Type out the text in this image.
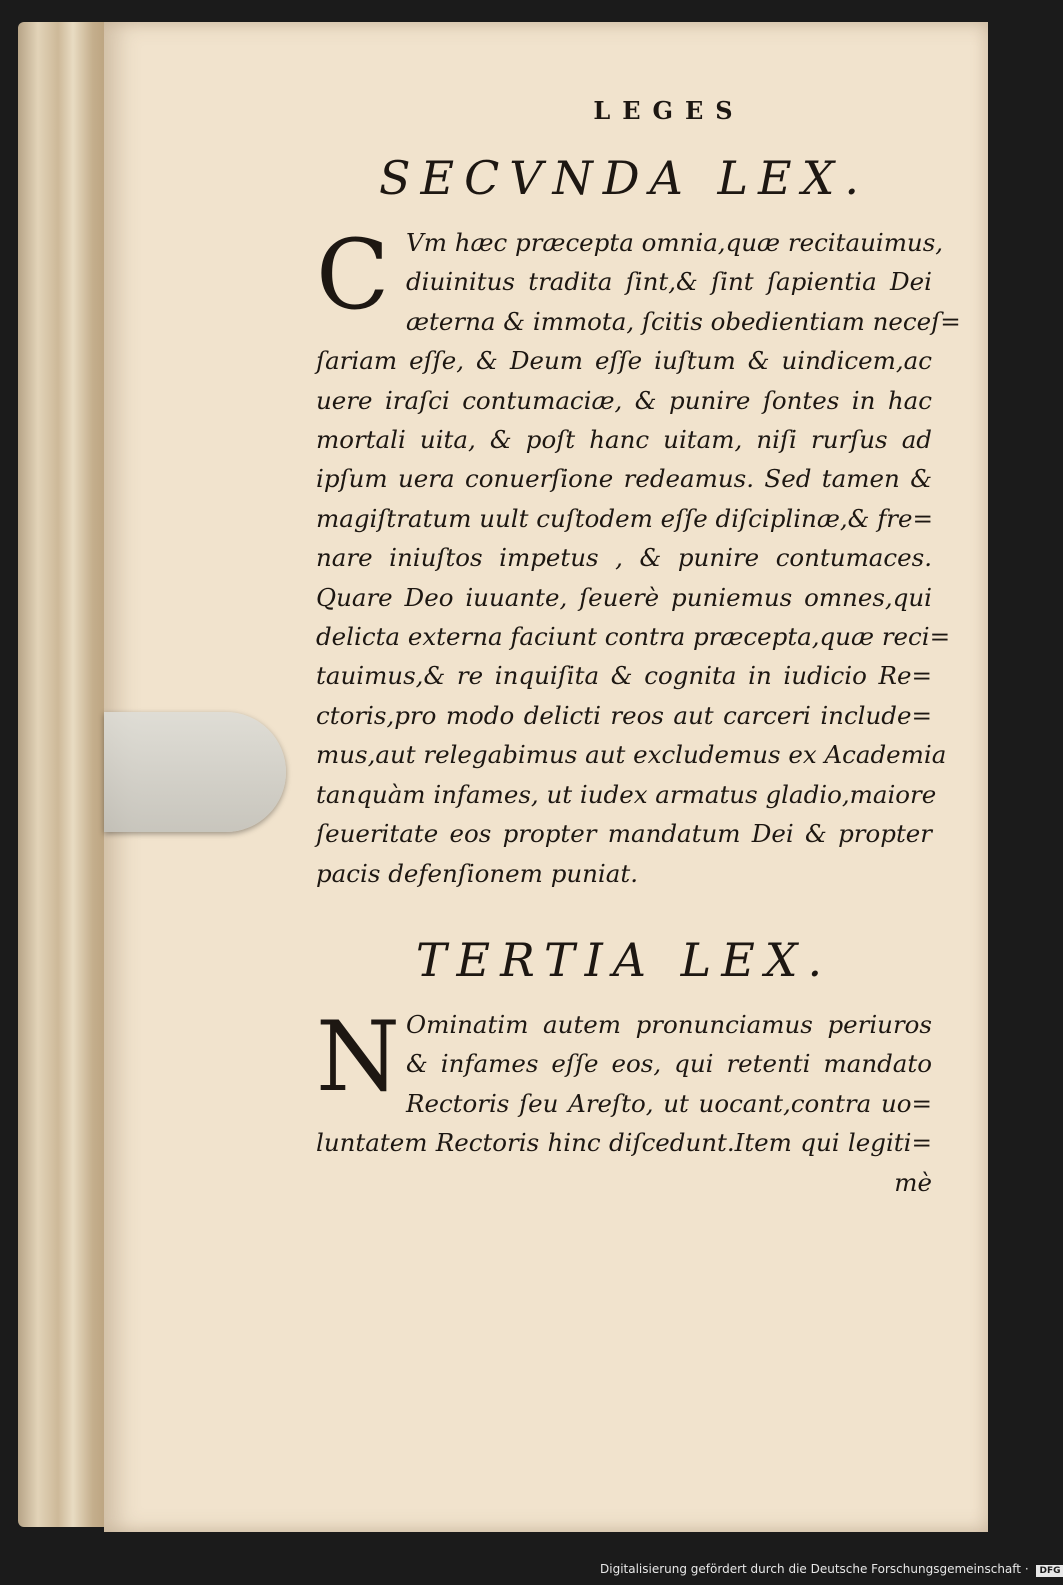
LEGES
SECVNDA LEX.
C Vm hæc præcepta omnia,quæ recitauimus,
diuinitus tradita ſint,& ſint ſapientia Dei
æterna & immota, ſcitis obedientiam neceſ=
ſariam eſſe, & Deum eſſe iuſtum & uindicem,ac
uere iraſci contumaciæ, & punire ſontes in hac
mortali uita, & poſt hanc uitam, niſi rurſus ad
ipſum uera conuerſione redeamus. Sed tamen &
magiſtratum uult cuſtodem eſſe diſciplinæ,& fre=
nare iniuſtos impetus , & punire contumaces.
Quare Deo iuuante, ſeuerè puniemus omnes,qui
delicta externa faciunt contra præcepta,quæ reci=
tauimus,& re inquiſita & cognita in iudicio Re=
ctoris,pro modo delicti reos aut carceri include=
mus,aut relegabimus aut excludemus ex Academia
tanquàm infames, ut iudex armatus gladio,maiore
ſeueritate eos propter mandatum Dei & propter
pacis defenſionem puniat.
TERTIA LEX.
N Ominatim autem pronunciamus periuros
& infames eſſe eos, qui retenti mandato
Rectoris ſeu Areſto, ut uocant,contra uo=
luntatem Rectoris hinc diſcedunt.Item qui legiti=
mè
Digitalisierung gefördert durch die Deutsche Forschungsgemeinschaft · DFG
